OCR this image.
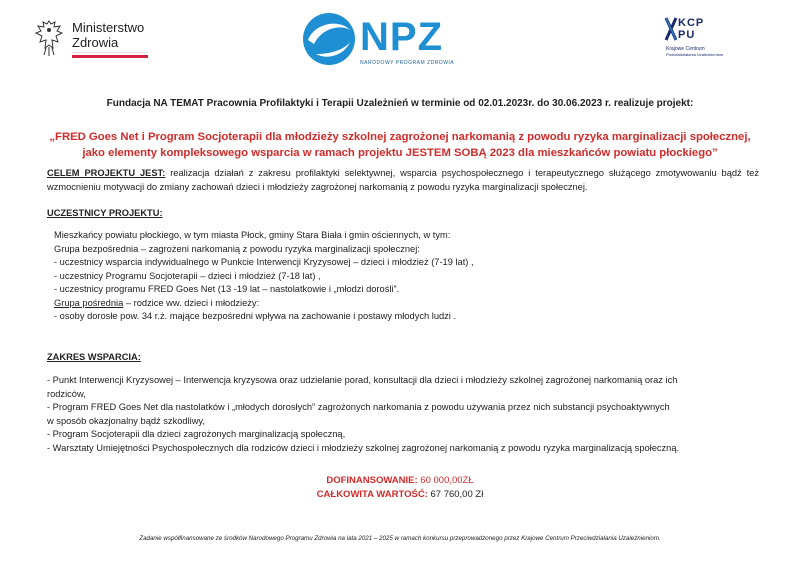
Ministerstwo
Zdrowia	NPZ
NARODOWY PROGRAM ZDROWIA
KCP
PU
Krajowe Centrum
Przeciwdziałania Uzależnieniom
Fundacja NA TEMAT Pracownia Profilaktyki i Terapii Uzależnień w terminie od 02.01.2023r. do 30.06.2023 r. realizuje projekt:
„FRED Goes Net i Program Socjoterapii dla młodzieży szkolnej zagrożonej narkomanią z powodu ryzyka marginalizacji społecznej,
jako elementy kompleksowego wsparcia w ramach projektu JESTEM SOBĄ 2023 dla mieszkańców powiatu płockiego”
CELEM PROJEKTU JEST: realizacja działań z zakresu profilaktyki selektywnej, wsparcia psychospołecznego i terapeutycznego służącego zmotywowaniu bądź też wzmocnieniu motywacji do zmiany zachowań dzieci i młodzieży zagrożonej narkomanią z powodu ryzyka marginalizacji społecznej.
UCZESTNICY PROJEKTU:
Mieszkańcy powiatu płockiego, w tym miasta Płock, gminy Stara Biała i gmin ościennych, w tym:
Grupa bezpośrednia – zagrożeni narkomanią z powodu ryzyka marginalizacji społecznej:
- uczestnicy wsparcia indywidualnego w Punkcie Interwencji Kryzysowej – dzieci i młodzież (7-19 lat) ,
- uczestnicy Programu Socjoterapii – dzieci i młodzież (7-18 lat) ,
- uczestnicy programu FRED Goes Net (13 -19 lat – nastolatkowie i „młodzi dorośli”.
Grupa pośrednia – rodzice ww. dzieci i młodzieży:
- osoby dorosłe pow. 34 r.ż. mające bezpośredni wpływa na zachowanie i postawy młodych ludzi .
ZAKRES WSPARCIA:
- Punkt Interwencji Kryzysowej – Interwencja kryzysowa oraz udzielanie porad, konsultacji dla dzieci i młodzieży szkolnej zagrożonej narkomanią oraz ich
rodziców,
- Program FRED Goes Net dla nastolatków i „młodych dorosłych” zagrożonych narkomania z powodu używania przez nich substancji psychoaktywnych
w sposób okazjonalny bądź szkodliwy,
- Program Socjoterapii dla dzieci zagrożonych marginalizacją społeczną,
- Warsztaty Umiejętności Psychospołecznych dla rodziców dzieci i młodzieży szkolnej zagrożonej narkomanią z powodu ryzyka marginalizacją społeczną.
DOFINANSOWANIE: 60 000,00ZŁ
CAŁKOWITA WARTOŚĆ: 67 760,00 Zł
Zadanie współfinansowane ze środków Narodowego Programu Zdrowia na lata 2021 – 2025 w ramach konkursu przeprowadzonego przez Krajowe Centrum Przeciwdziałania Uzależnieniom.
